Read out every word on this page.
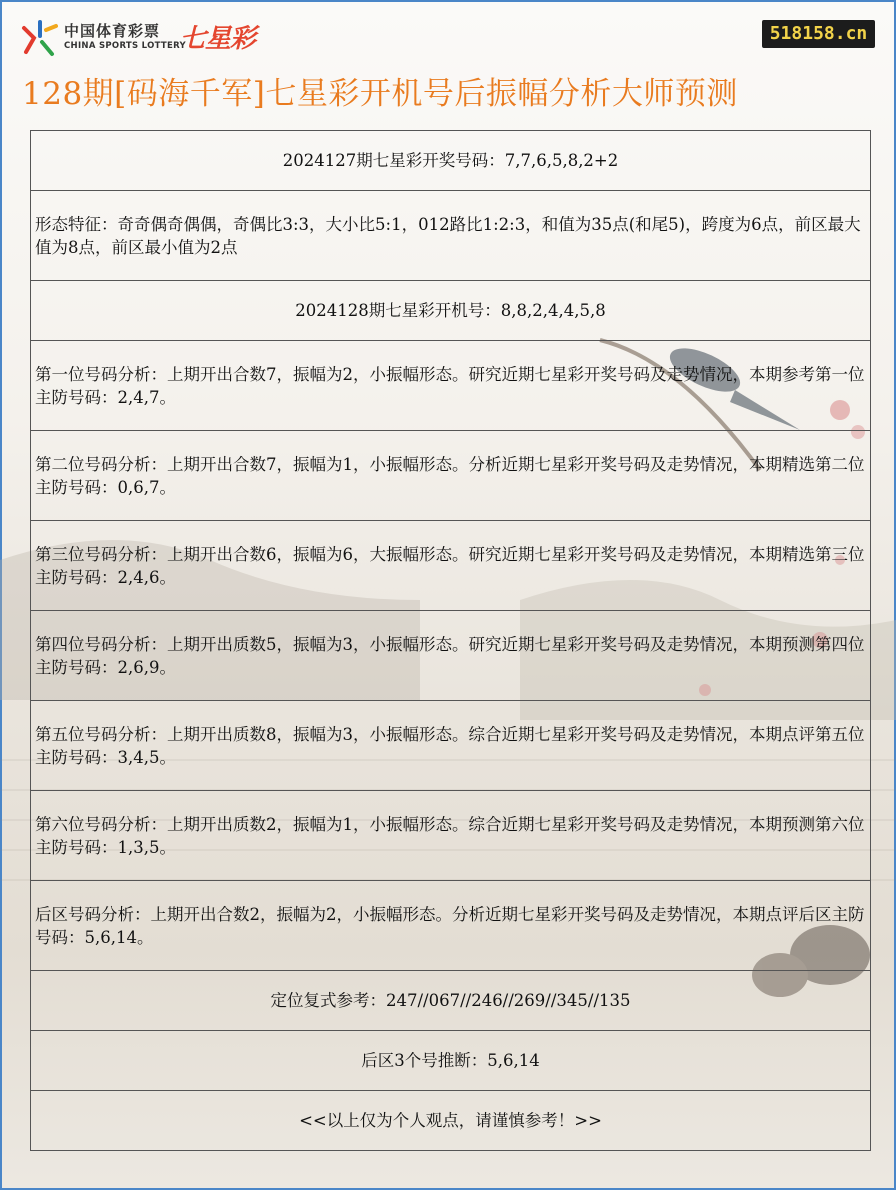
中国体育彩票
CHINA SPORTS LOTTERY
七星彩	518158.cn
128期[码海千军]七星彩开机号后振幅分析大师预测
2024127期七星彩开奖号码：7,7,6,5,8,2+2
形态特征：奇奇偶奇偶偶，奇偶比3:3，大小比5:1，012路比1:2:3，和值为35点(和尾5)，跨度为6点，前区最大值为8点，前区最小值为2点
2024128期七星彩开机号：8,8,2,4,4,5,8
第一位号码分析：上期开出合数7，振幅为2，小振幅形态。研究近期七星彩开奖号码及走势情况，本期参考第一位主防号码：2,4,7。
第二位号码分析：上期开出合数7，振幅为1，小振幅形态。分析近期七星彩开奖号码及走势情况，本期精选第二位主防号码：0,6,7。
第三位号码分析：上期开出合数6，振幅为6，大振幅形态。研究近期七星彩开奖号码及走势情况，本期精选第三位主防号码：2,4,6。
第四位号码分析：上期开出质数5，振幅为3，小振幅形态。研究近期七星彩开奖号码及走势情况，本期预测第四位主防号码：2,6,9。
第五位号码分析：上期开出质数8，振幅为3，小振幅形态。综合近期七星彩开奖号码及走势情况，本期点评第五位主防号码：3,4,5。
第六位号码分析：上期开出质数2，振幅为1，小振幅形态。综合近期七星彩开奖号码及走势情况，本期预测第六位主防号码：1,3,5。
后区号码分析：上期开出合数2，振幅为2，小振幅形态。分析近期七星彩开奖号码及走势情况，本期点评后区主防号码：5,6,14。
定位复式参考：247//067//246//269//345//135
后区3个号推断：5,6,14
<<以上仅为个人观点，请谨慎参考！>>
